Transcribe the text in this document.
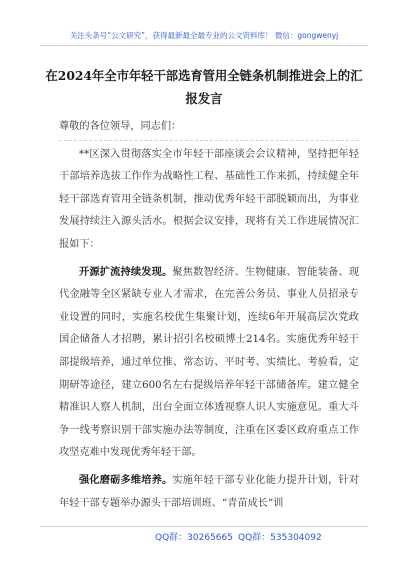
关注头条号“公文研究”，获得最新最全最专业的公文资料库！ 微信：gongwenyj
在2024年全市年轻干部选育管用全链条机制推进会上的汇报发言

尊敬的各位领导，同志们：

**区深入贯彻落实全市年轻干部座谈会会议精神，坚持把年轻干部培养选拔工作作为战略性工程、基础性工作来抓，持续健全年轻干部选育管用全链条机制，推动优秀年轻干部脱颖而出，为事业发展持续注入源头活水。根据会议安排，现将有关工作进展情况汇报如下：

开源扩流持续发现。聚焦数智经济、生物健康、智能装备、现代金融等全区紧缺专业人才需求，在完善公务员、事业人员招录专业设置的同时，实施名校优生集聚计划，连续6年开展高层次党政国企储备人才招聘，累计招引名校硕博士214名。实施优秀年轻干部提级培养，通过单位推、常态访、平时考、实绩比、考验看，定期研等途径，建立600名左右提级培养年轻干部储备库。建立健全精准识人察人机制，出台全面立体透视察人识人实施意见。重大斗争一线考察识别干部实施办法等制度，注重在区委区政府重点工作攻坚克难中发现优秀年轻干部。

强化磨砺多维培养。实施年轻干部专业化能力提升计划，针对年轻干部专题举办源头干部培训班、“青苗成长”训

QQ群：30265665 QQ群：535304092
